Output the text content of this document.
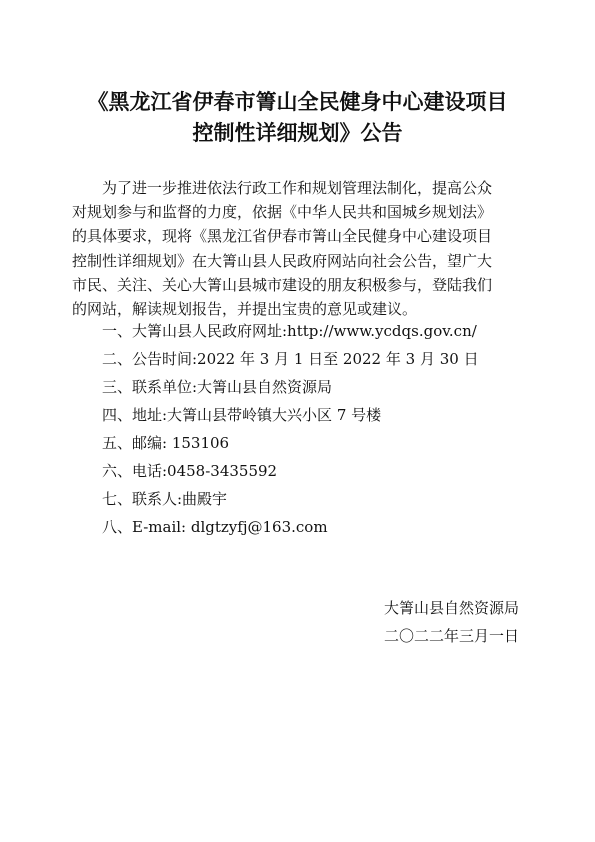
《黑龙江省伊春市箐山全民健身中心建设项目
控制性详细规划》公告
为了进一步推进依法行政工作和规划管理法制化，提高公众
对规划参与和监督的力度，依据《中华人民共和国城乡规划法》
的具体要求，现将《黑龙江省伊春市箐山全民健身中心建设项目
控制性详细规划》在大箐山县人民政府网站向社会公告，望广大
市民、关注、关心大箐山县城市建设的朋友积极参与，登陆我们
的网站，解读规划报告，并提出宝贵的意见或建议。
一、大箐山县人民政府网址:http://www.ycdqs.gov.cn/
二、公告时间:2022 年 3 月 1 日至 2022 年 3 月 30 日
三、联系单位:大箐山县自然资源局
四、地址:大箐山县带岭镇大兴小区 7 号楼
五、邮编: 153106
六、电话:0458-3435592
七、联系人:曲殿宇
八、E-mail: dlgtzyfj@163.com
大箐山县自然资源局
二〇二二年三月一日
